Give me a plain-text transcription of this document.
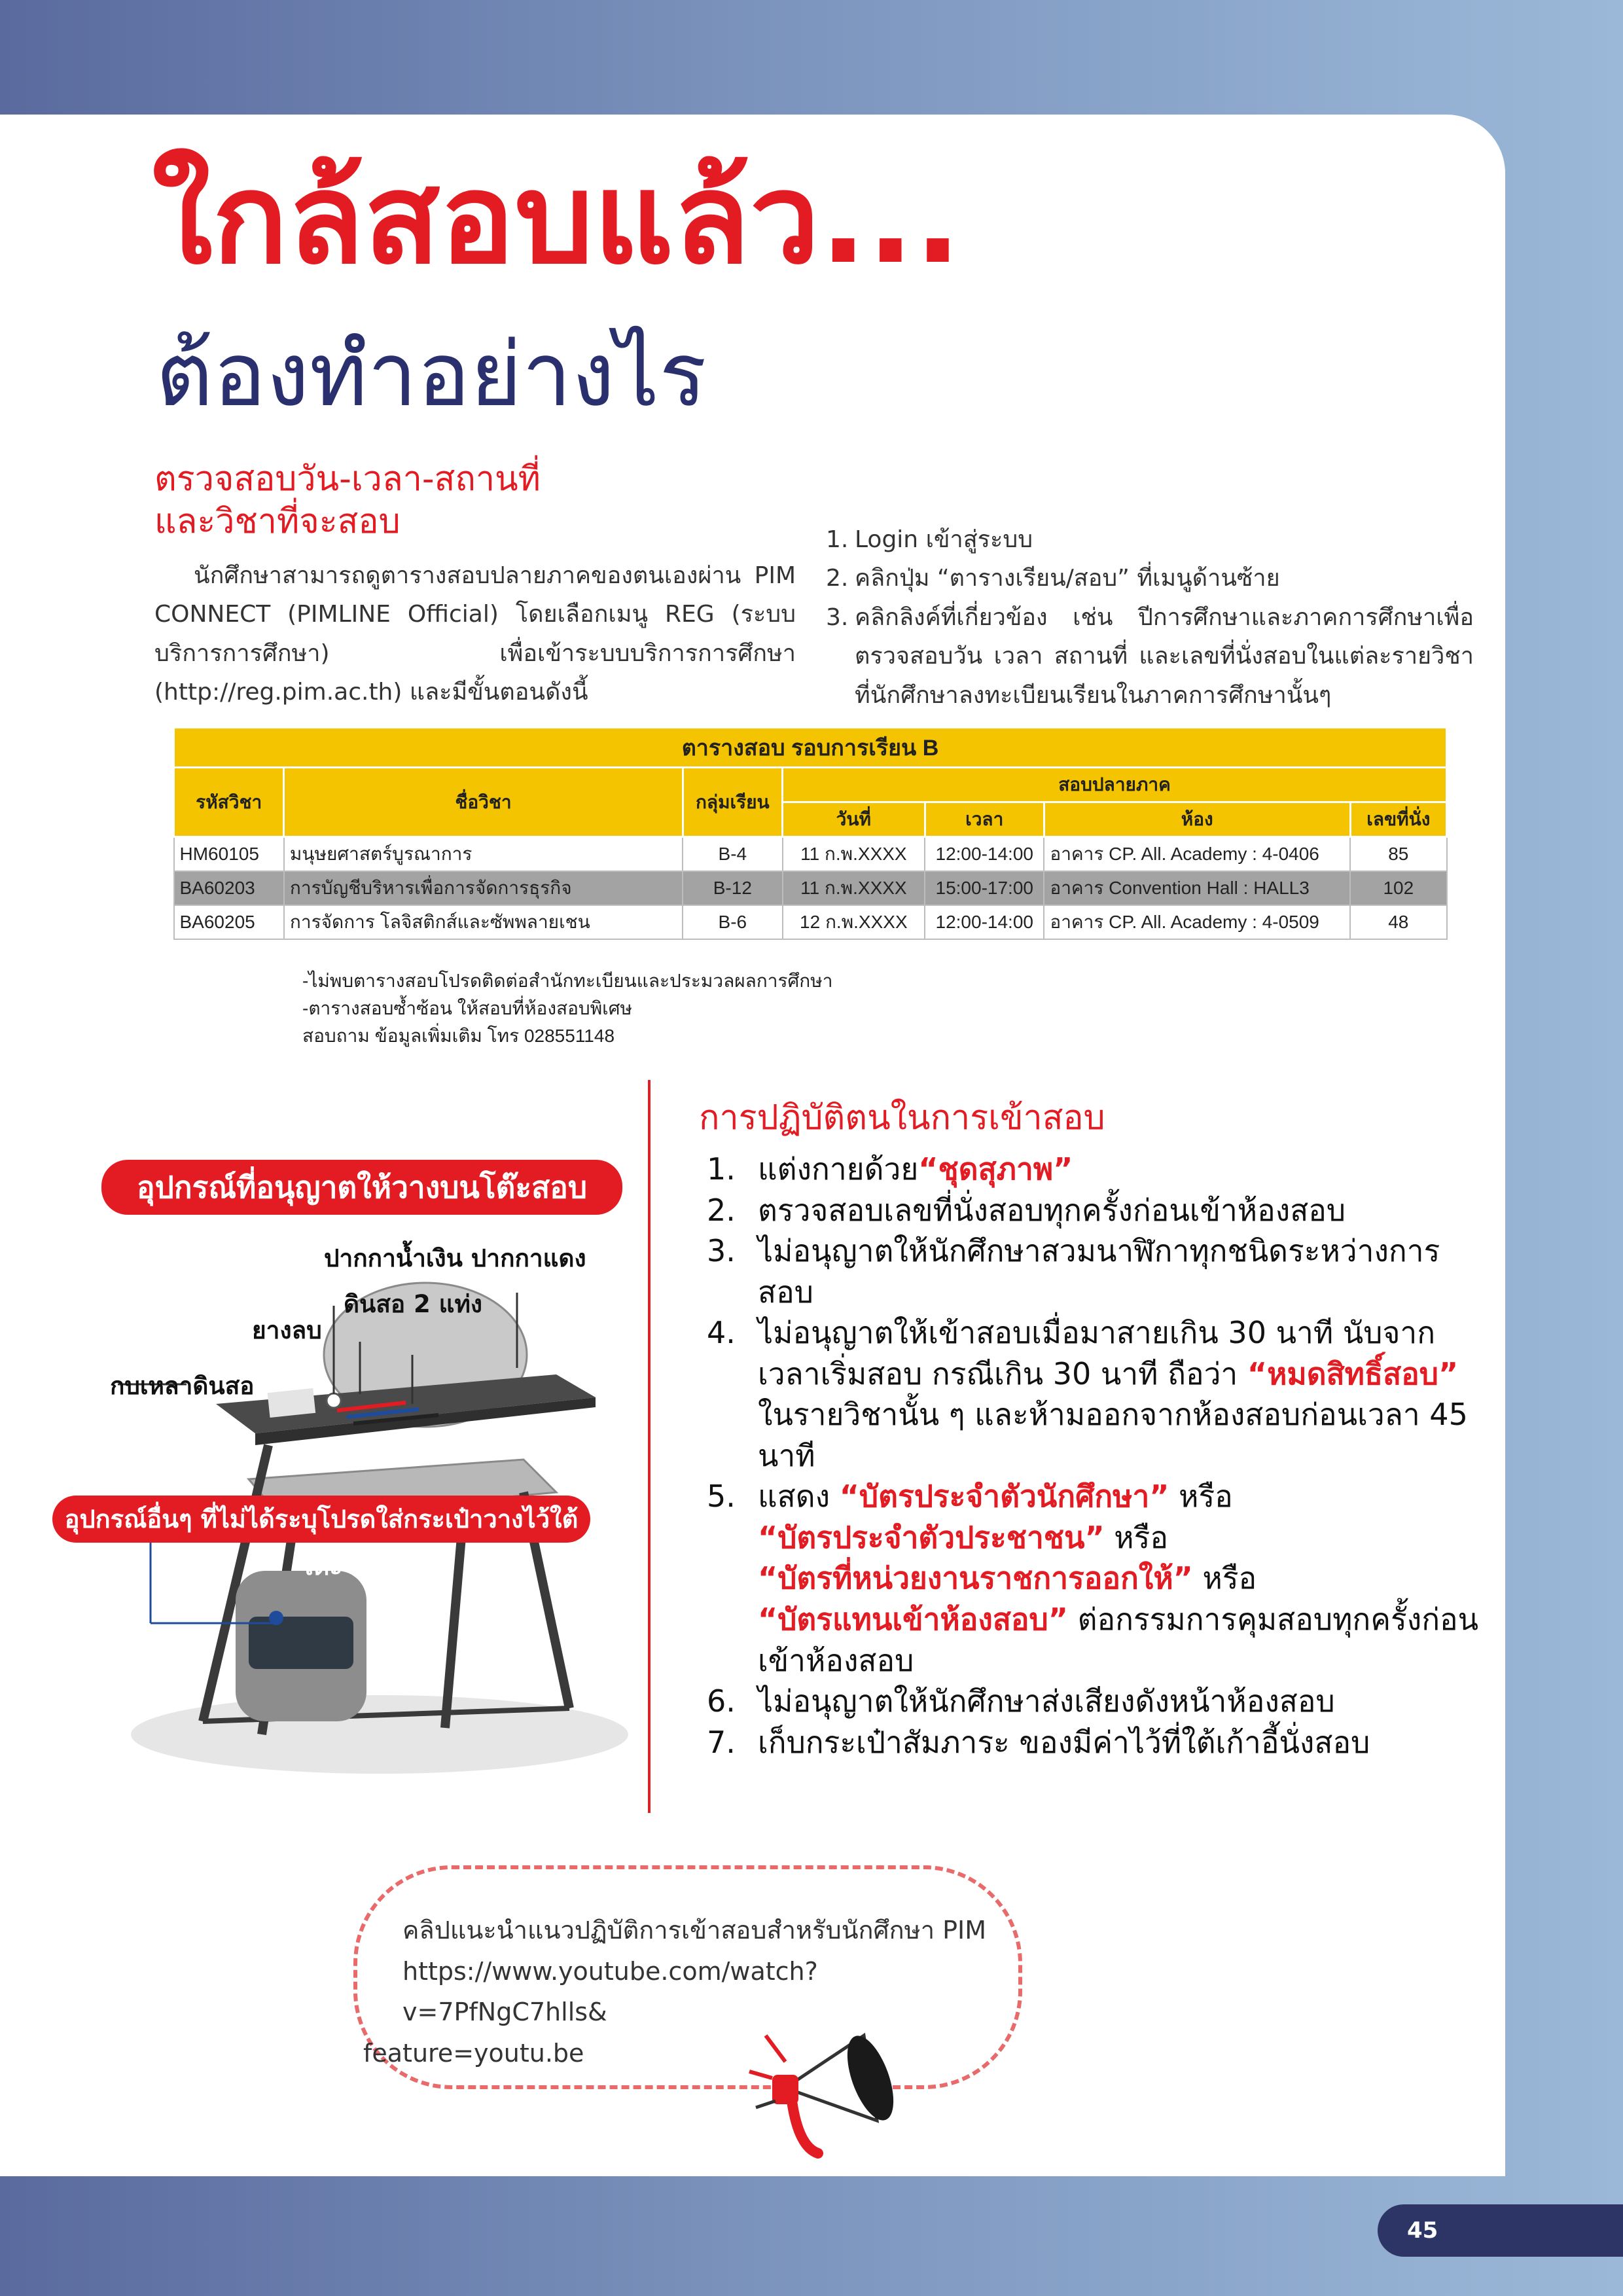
ใกล้สอบแล้ว...
ต้องทำอย่างไร
ตรวจสอบวัน-เวลา-สถานที่
และวิชาที่จะสอบ
นักศึกษาสามารถดูตารางสอบปลายภาคของตนเองผ่าน PIM CONNECT (PIMLINE Official) โดยเลือกเมนู REG (ระบบบริการการศึกษา) เพื่อเข้าระบบบริการการศึกษา (http://reg.pim.ac.th) และมีขั้นตอนดังนี้
1. Login เข้าสู่ระบบ
2. คลิกปุ่ม “ตารางเรียน/สอบ” ที่เมนูด้านซ้าย
3. คลิกลิงค์ที่เกี่ยวข้อง เช่น ปีการศึกษาและภาคการศึกษาเพื่อตรวจสอบวัน เวลา สถานที่ และเลขที่นั่งสอบในแต่ละรายวิชาที่นักศึกษาลงทะเบียนเรียนในภาคการศึกษานั้นๆ
ตารางสอบ รอบการเรียน B						
รหัสวิชา	ชื่อวิชา	กลุ่มเรียน	สอบปลายภาค			
			วันที่	เวลา	ห้อง	เลขที่นั่ง
HM60105	มนุษยศาสตร์บูรณาการ	B-4	11 ก.พ.XXXX	12:00-14:00	อาคาร CP. All. Academy : 4-0406	85
BA60203	การบัญชีบริหารเพื่อการจัดการธุรกิจ	B-12	11 ก.พ.XXXX	15:00-17:00	อาคาร Convention Hall : HALL3	102
BA60205	การจัดการ โลจิสติกส์และซัพพลายเชน	B-6	12 ก.พ.XXXX	12:00-14:00	อาคาร CP. All. Academy : 4-0509	48
-ไม่พบตารางสอบโปรดติดต่อสำนักทะเบียนและประมวลผลการศึกษา
-ตารางสอบซ้ำซ้อน ให้สอบที่ห้องสอบพิเศษ
สอบถาม ข้อมูลเพิ่มเติม โทร 028551148
อุปกรณ์ที่อนุญาตให้วางบนโต๊ะสอบ
ปากกาน้ำเงิน ปากกาแดง
ดินสอ 2 แท่ง
ยางลบ
กบเหลาดินสอ
อุปกรณ์อื่นๆ ที่ไม่ได้ระบุโปรดใส่กระเป๋าวางไว้ใต้โต๊ะ
การปฏิบัติตนในการเข้าสอบ
1. แต่งกายด้วย“ชุดสุภาพ”
2. ตรวจสอบเลขที่นั่งสอบทุกครั้งก่อนเข้าห้องสอบ
3. ไม่อนุญาตให้นักศึกษาสวมนาฬิกาทุกชนิดระหว่างการสอบ
4. ไม่อนุญาตให้เข้าสอบเมื่อมาสายเกิน 30 นาที นับจากเวลาเริ่มสอบ กรณีเกิน 30 นาที ถือว่า “หมดสิทธิ์สอบ” ในรายวิชานั้น ๆ และห้ามออกจากห้องสอบก่อนเวลา 45 นาที
5. แสดง “บัตรประจำตัวนักศึกษา” หรือ
“บัตรประจำตัวประชาชน” หรือ
“บัตรที่หน่วยงานราชการออกให้” หรือ
“บัตรแทนเข้าห้องสอบ” ต่อกรรมการคุมสอบทุกครั้งก่อนเข้าห้องสอบ
6. ไม่อนุญาตให้นักศึกษาส่งเสียงดังหน้าห้องสอบ
7. เก็บกระเป๋าสัมภาระ ของมีค่าไว้ที่ใต้เก้าอี้นั่งสอบ
คลิปแนะนำแนวปฏิบัติการเข้าสอบสำหรับนักศึกษา PIM
https://www.youtube.com/watch?v=7PfNgC7hlls&
feature=youtu.be
45
